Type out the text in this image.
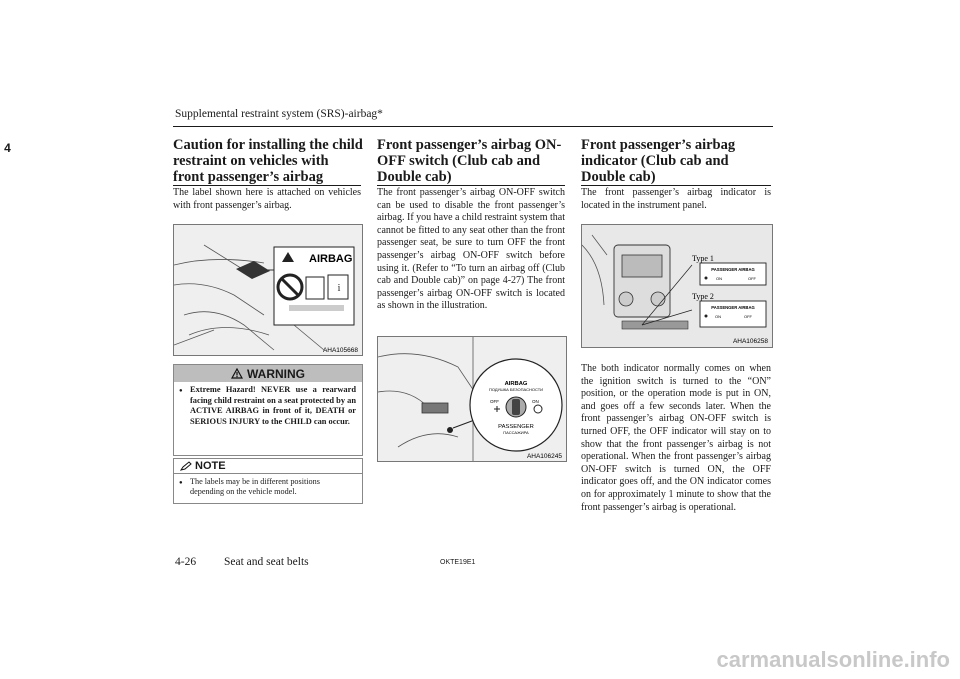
Supplemental restraint system (SRS)-airbag*
4	Caution for installing the child restraint on vehicles with front passenger’s airbag
The label shown here is attached on vehicles with front passenger’s airbag.
AIRBAG
i
AHA105668
WARNING
● Extreme Hazard! NEVER use a rearward facing child restraint on a seat protected by an ACTIVE AIRBAG in front of it, DEATH or SERIOUS INJURY to the CHILD can occur.
NOTE
● The labels may be in different positions depending on the vehicle model.
Front passenger’s airbag ON-OFF switch (Club cab and Double cab)
The front passenger’s airbag ON-OFF switch can be used to disable the front passenger’s airbag. If you have a child restraint system that cannot be fitted to any seat other than the front passenger seat, be sure to turn OFF the front passenger’s airbag ON-OFF switch before using it. (Refer to “To turn an airbag off (Club cab and Double cab)” on page 4-27) The front passenger’s airbag ON-OFF switch is located as shown in the illustration.
AIRBAG
ПОДУШКА БЕЗОПАСНОСТИ
OFF	ON
PASSENGER
ПАССАЖИРА
AHA106245
Front passenger’s airbag indicator (Club cab and Double cab)
The front passenger’s airbag indicator is located in the instrument panel.
Type 1
PASSENGER AIRBAG
ON	OFF
Type 2
PASSENGER AIRBAG
ON	OFF
AHA106258
The both indicator normally comes on when the ignition switch is turned to the “ON” position, or the operation mode is put in ON, and goes off a few seconds later. When the front passenger’s airbag ON-OFF switch is turned OFF, the OFF indicator will stay on to show that the front passenger’s airbag is not operational. When the front passenger’s airbag ON-OFF switch is turned ON, the OFF indicator goes off, and the ON indicator comes on for approximately 1 minute to show that the front passenger’s airbag is operational.
4-26 Seat and seat belts	OKTE19E1
carmanualsonline.info
